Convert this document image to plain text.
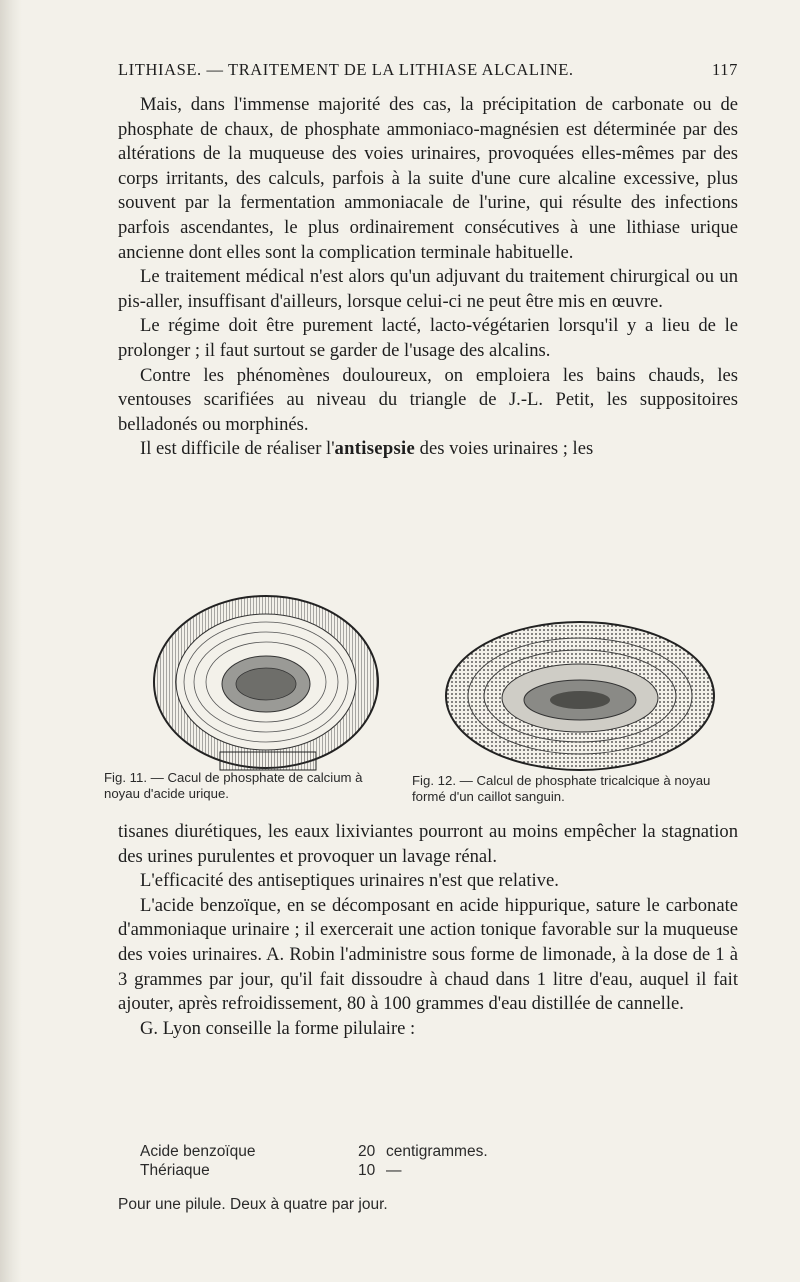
LITHIASE. — TRAITEMENT DE LA LITHIASE ALCALINE.	117

Mais, dans l'immense majorité des cas, la précipitation de carbonate ou de phosphate de chaux, de phosphate ammoniaco-magnésien est déterminée par des altérations de la muqueuse des voies urinaires, provoquées elles-mêmes par des corps irritants, des calculs, parfois à la suite d'une cure alcaline excessive, plus souvent par la fermentation ammoniacale de l'urine, qui résulte des infections parfois ascendantes, le plus ordinairement consécutives à une lithiase urique ancienne dont elles sont la complication terminale habituelle.

Le traitement médical n'est alors qu'un adjuvant du traitement chirurgical ou un pis-aller, insuffisant d'ailleurs, lorsque celui-ci ne peut être mis en œuvre.

Le régime doit être purement lacté, lacto-végétarien lorsqu'il y a lieu de le prolonger ; il faut surtout se garder de l'usage des alcalins.

Contre les phénomènes douloureux, on emploiera les bains chauds, les ventouses scarifiées au niveau du triangle de J.-L. Petit, les suppositoires belladonés ou morphinés.

Il est difficile de réaliser l'antisepsie des voies urinaires ; les

Fig. 11. — Cacul de phosphate de calcium à noyau d'acide urique.
Fig. 12. — Calcul de phosphate tricalcique à noyau formé d'un caillot sanguin.

tisanes diurétiques, les eaux lixiviantes pourront au moins empêcher la stagnation des urines purulentes et provoquer un lavage rénal.

L'efficacité des antiseptiques urinaires n'est que relative.

L'acide benzoïque, en se décomposant en acide hippurique, sature le carbonate d'ammoniaque urinaire ; il exercerait une action tonique favorable sur la muqueuse des voies urinaires. A. Robin l'administre sous forme de limonade, à la dose de 1 à 3 grammes par jour, qu'il fait dissoudre à chaud dans 1 litre d'eau, auquel il fait ajouter, après refroidissement, 80 à 100 grammes d'eau distillée de cannelle.

G. Lyon conseille la forme pilulaire :

Acide benzoïque	20 centigrammes.
Thériaque	10 —
Pour une pilule. Deux à quatre par jour.
